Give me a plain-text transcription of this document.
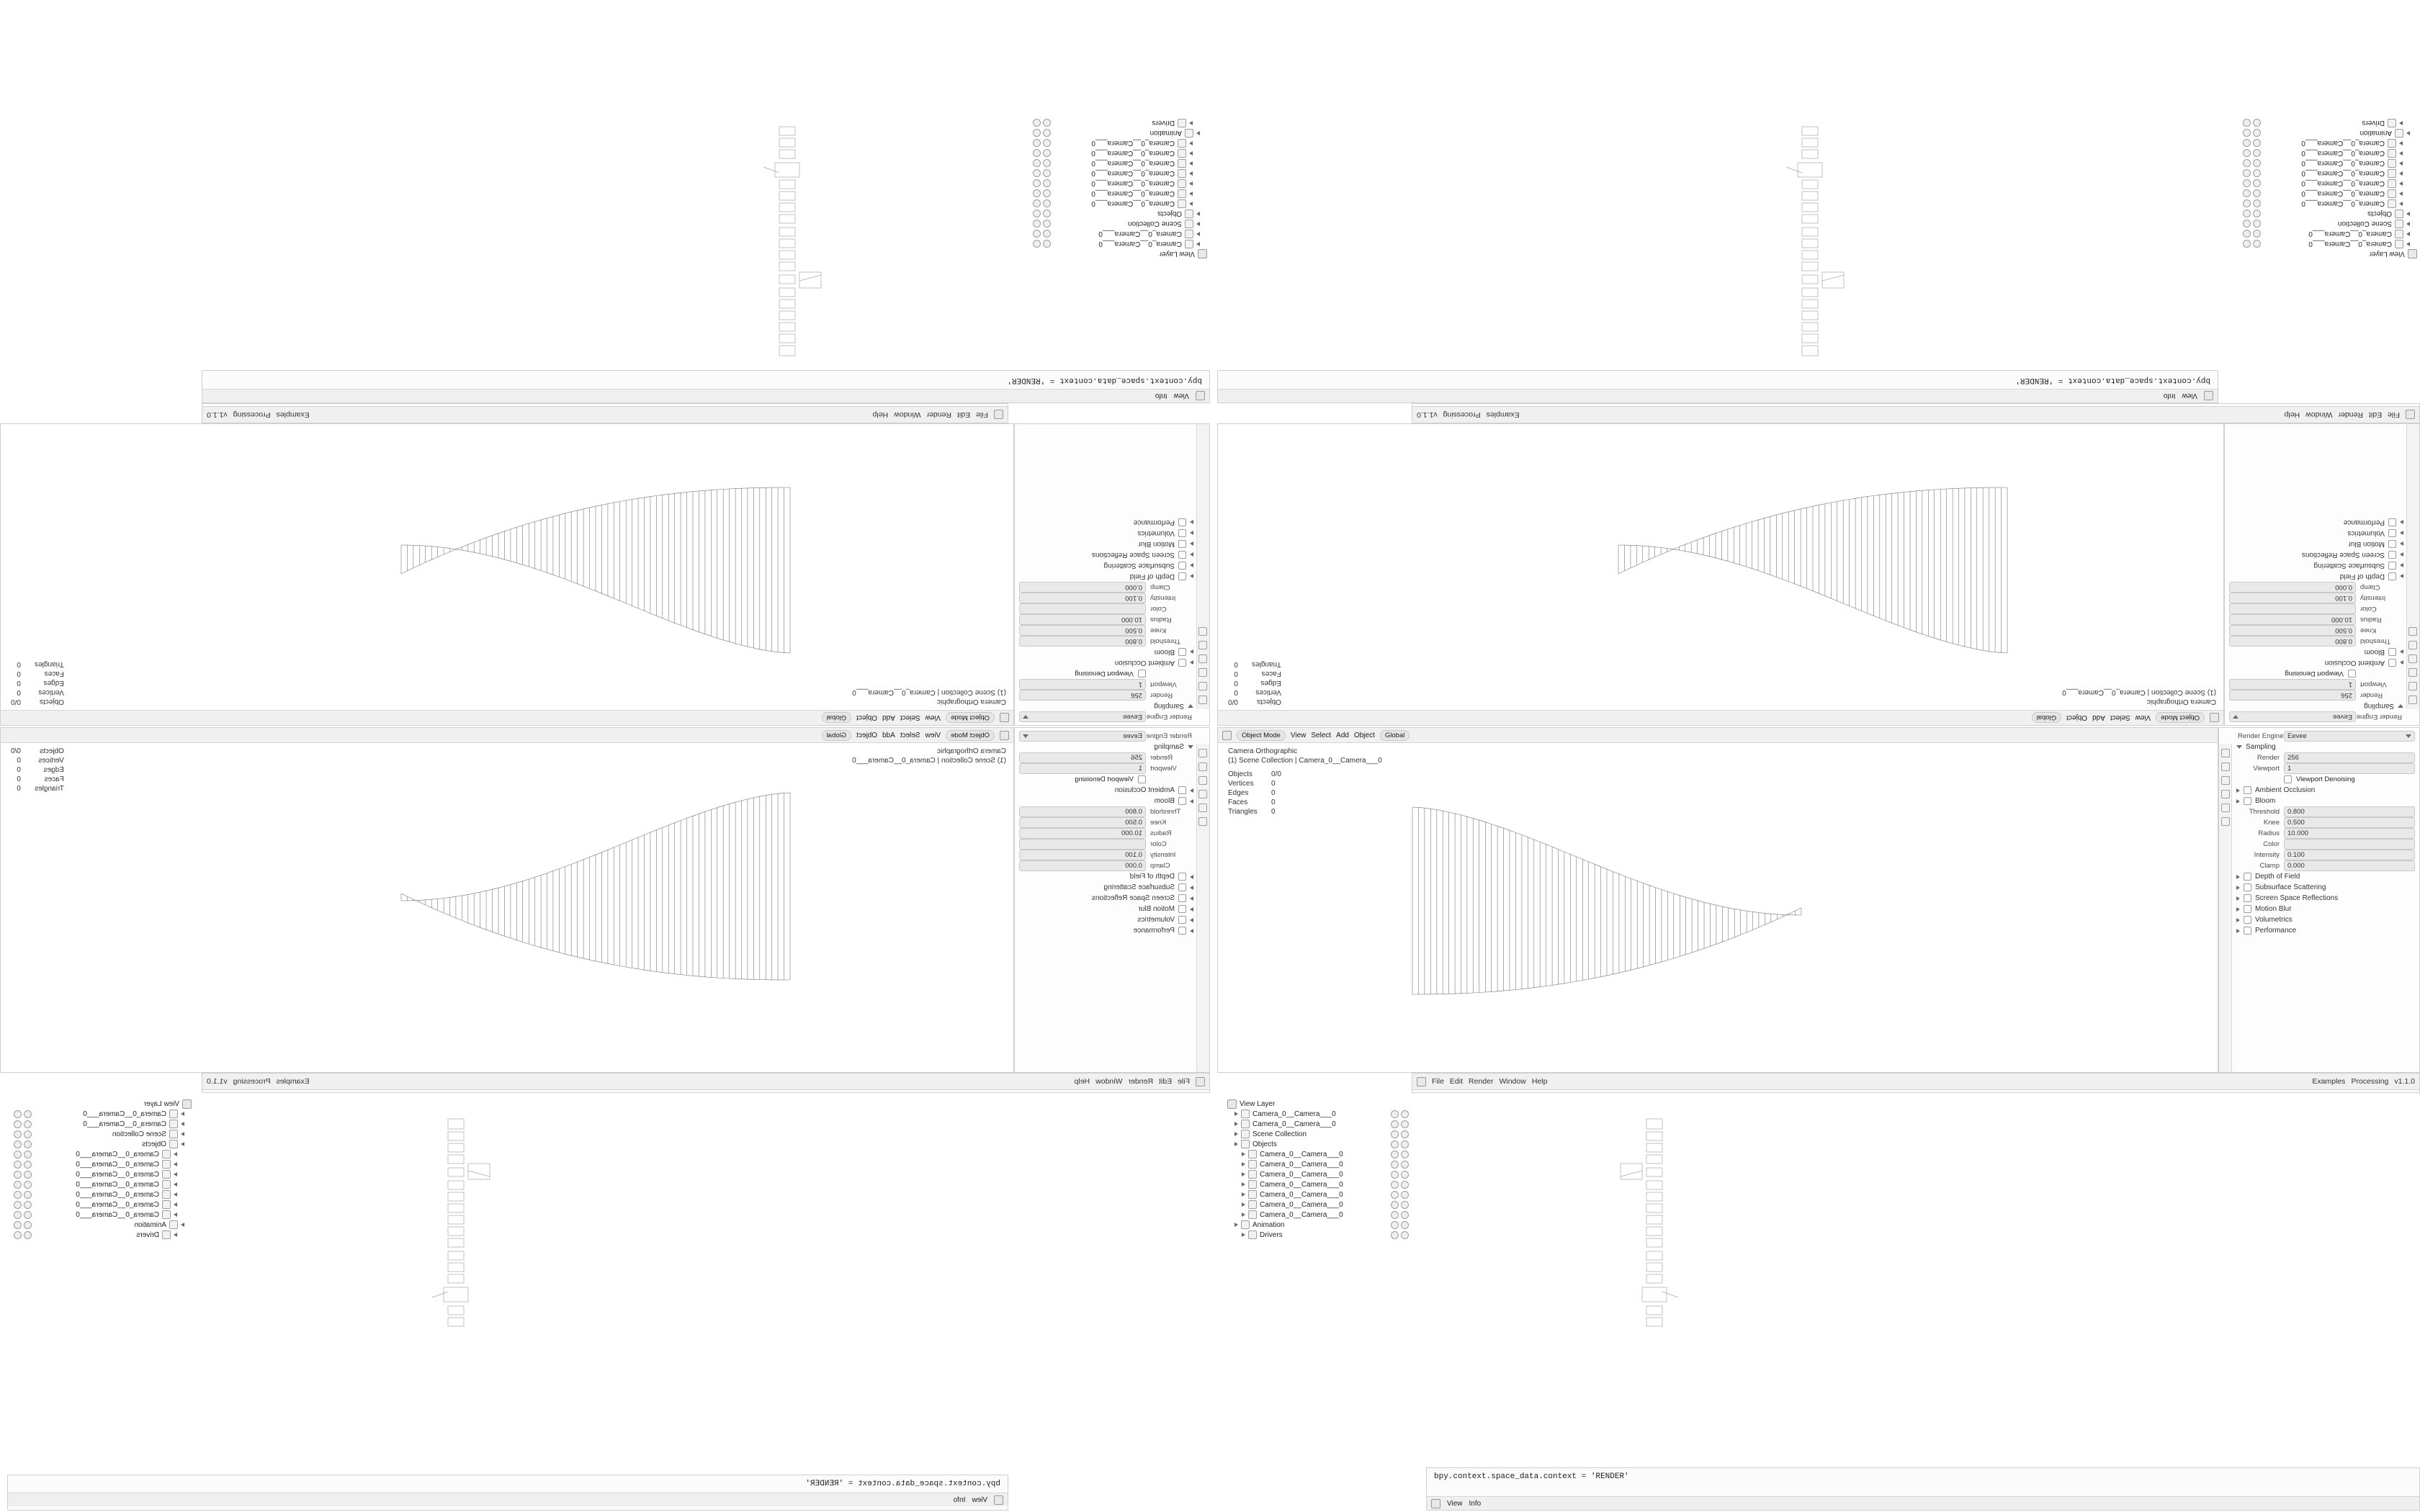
View
Info
bpy.context.space_data.context = 'RENDER'
View Layer
Camera_0__Camera___0
Camera_0__Camera___0
Scene Collection
Objects
Camera_0__Camera___0
Camera_0__Camera___0
Camera_0__Camera___0
Camera_0__Camera___0
Camera_0__Camera___0
Camera_0__Camera___0
Camera_0__Camera___0
Animation
Drivers
File
Edit
Render
Window
Help
Examples
Processing
v1.1.0
Render Engine
Eevee
Sampling
Render
256
Viewport
1
Viewport Denoising
Ambient Occlusion
Bloom
Threshold
0.800
Knee
0.500
Radius
10.000
Color
Intensity
0.100
Clamp
0.000
Depth of Field
Subsurface Scattering
Screen Space Reflections
Motion Blur
Volumetrics
Performance
Object Mode
View
Select
Add
Object
Global
Camera Orthographic
(1) Scene Collection | Camera_0__Camera___0
Objects
0/0
Vertices
0
Edges
0
Faces
0
Triangles
0
View
Info
bpy.context.space_data.context = 'RENDER'
View Layer
Camera_0__Camera___0
Camera_0__Camera___0
Scene Collection
Objects
Camera_0__Camera___0
Camera_0__Camera___0
Camera_0__Camera___0
Camera_0__Camera___0
Camera_0__Camera___0
Camera_0__Camera___0
Camera_0__Camera___0
Animation
Drivers
File
Edit
Render
Window
Help
Examples
Processing
v1.1.0
Render Engine
Eevee
Sampling
Render
256
Viewport
1
Viewport Denoising
Ambient Occlusion
Bloom
Threshold
0.800
Knee
0.500
Radius
10.000
Color
Intensity
0.100
Clamp
0.000
Depth of Field
Subsurface Scattering
Screen Space Reflections
Motion Blur
Volumetrics
Performance
Object Mode
View
Select
Add
Object
Global
Camera Orthographic
(1) Scene Collection | Camera_0__Camera___0
Objects
0/0
Vertices
0
Edges
0
Faces
0
Triangles
0
Render Engine
Eevee
Sampling
Render
256
Viewport
1
Viewport Denoising
Ambient Occlusion
Bloom
Threshold
0.800
Knee
0.500
Radius
10.000
Color
Intensity
0.100
Clamp
0.000
Depth of Field
Subsurface Scattering
Screen Space Reflections
Motion Blur
Volumetrics
Performance
Object Mode
View
Select
Add
Object
Global
Camera Orthographic
(1) Scene Collection | Camera_0__Camera___0
Objects
0/0
Vertices
0
Edges
0
Faces
0
Triangles
0
File
Edit
Render
Window
Help
Examples
Processing
v1.1.0
View Layer
Camera_0__Camera___0
Camera_0__Camera___0
Scene Collection
Objects
Camera_0__Camera___0
Camera_0__Camera___0
Camera_0__Camera___0
Camera_0__Camera___0
Camera_0__Camera___0
Camera_0__Camera___0
Camera_0__Camera___0
Animation
Drivers
bpy.context.space_data.context = 'RENDER'
View
Info
Object Mode	View Select Add Object	Global
Camera Orthographic
(1) Scene Collection | Camera_0__Camera___0
Objects	0/0
Vertices	0
Edges	0
Faces	0
Triangles	0
Render Engine Eevee
Sampling
Render	256
Viewport	1
Viewport Denoising
Ambient Occlusion
Bloom
Threshold	0.800
Knee	0.500
Radius	10.000
Color
Intensity	0.100
Clamp	0.000
Depth of Field
Subsurface Scattering
Screen Space Reflections
Motion Blur
Volumetrics
Performance
File Edit Render Window Help	Examples Processing v1.1.0
View Layer
Camera_0__Camera___0
Camera_0__Camera___0
Scene Collection
Objects
Camera_0__Camera___0
Camera_0__Camera___0
Camera_0__Camera___0
Camera_0__Camera___0
Camera_0__Camera___0
Camera_0__Camera___0
Camera_0__Camera___0
Animation
Drivers
bpy.context.space_data.context = 'RENDER'
View Info
